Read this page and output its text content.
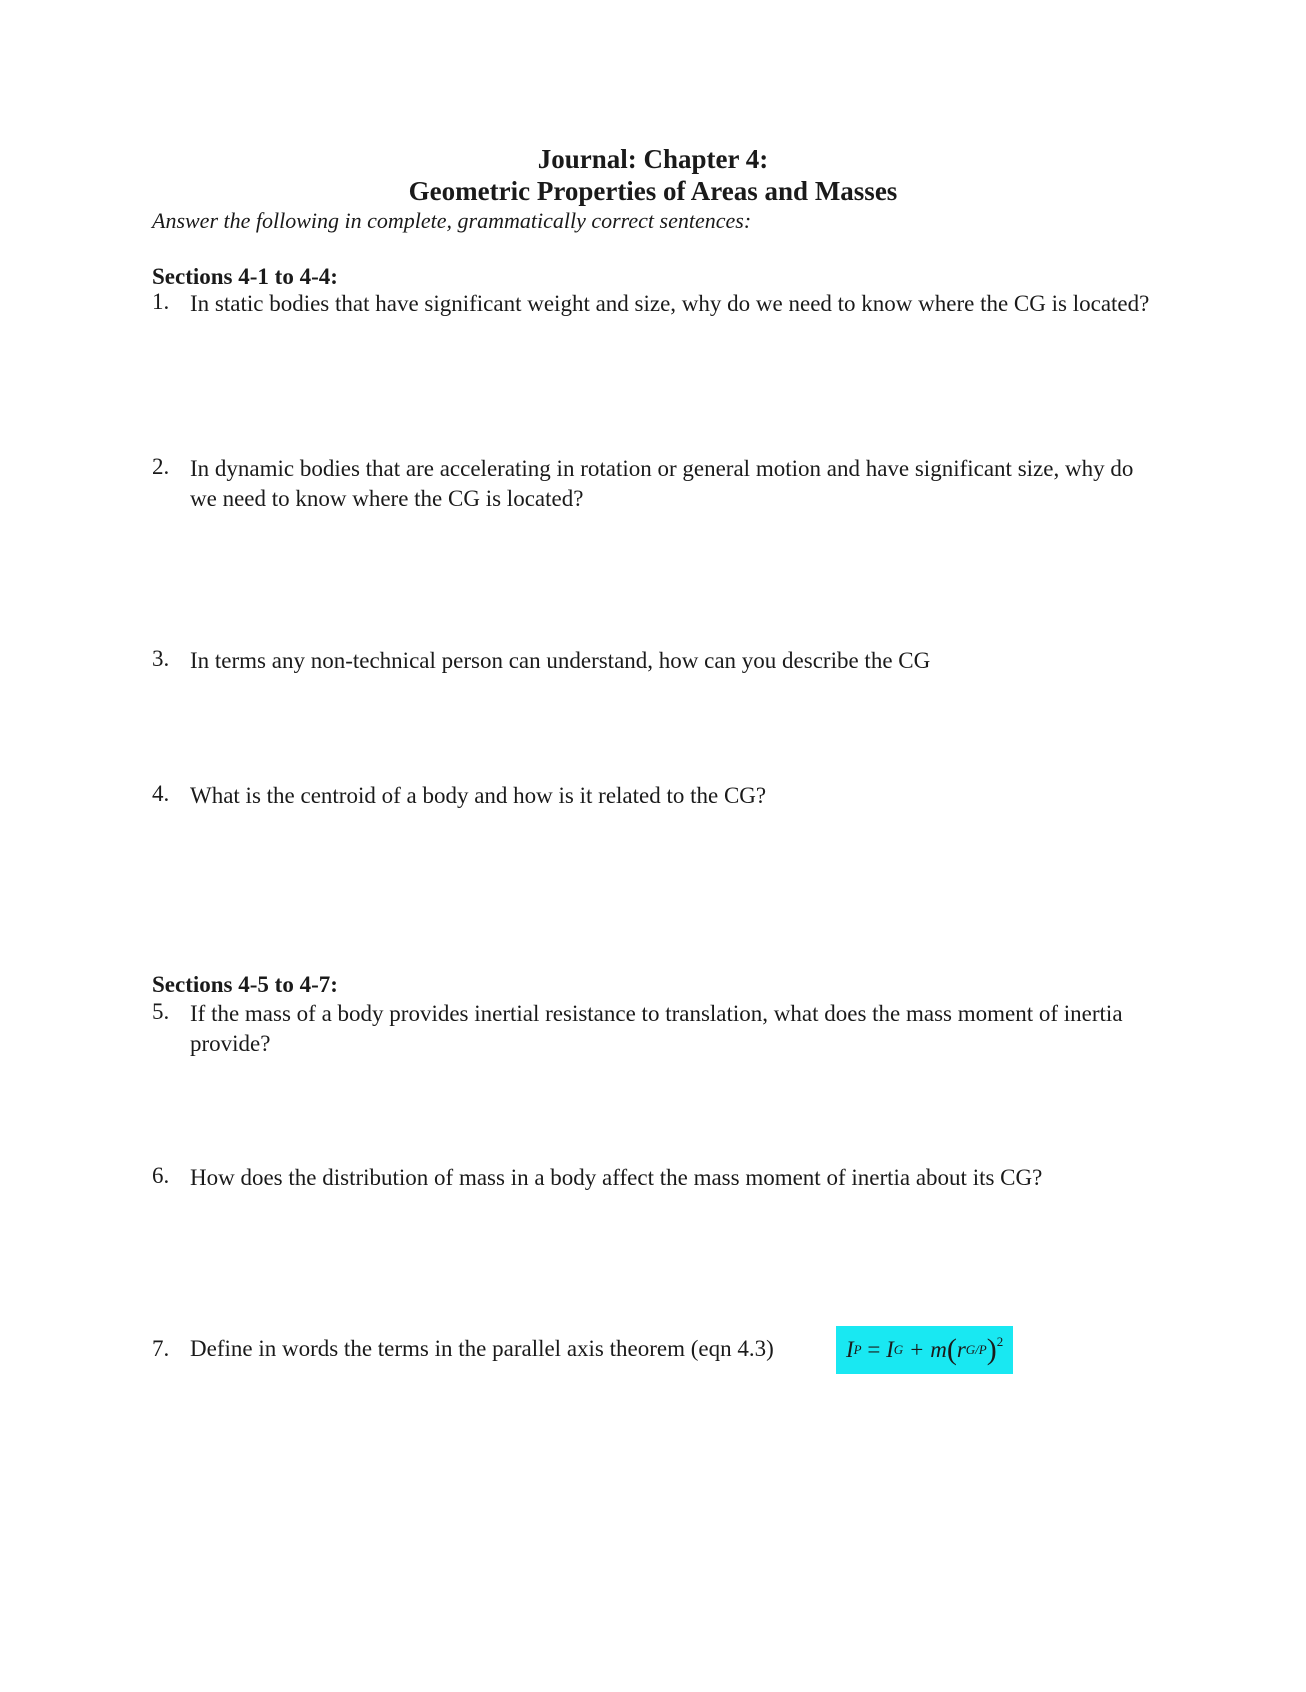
Journal: Chapter 4:
Geometric Properties of Areas and Masses
Answer the following in complete, grammatically correct sentences:
Sections 4-1 to 4-4:
1. In static bodies that have significant weight and size, why do we need to know where the CG is located?
2. In dynamic bodies that are accelerating in rotation or general motion and have significant size, why do we need to know where the CG is located?
3. In terms any non-technical person can understand, how can you describe the CG
4. What is the centroid of a body and how is it related to the CG?
Sections 4-5 to 4-7:
5. If the mass of a body provides inertial resistance to translation, what does the mass moment of inertia provide?
6. How does the distribution of mass in a body affect the mass moment of inertia about its CG?
7. Define in words the terms in the parallel axis theorem (eqn 4.3)	I P = I G + m ( r G/P )$^2$
